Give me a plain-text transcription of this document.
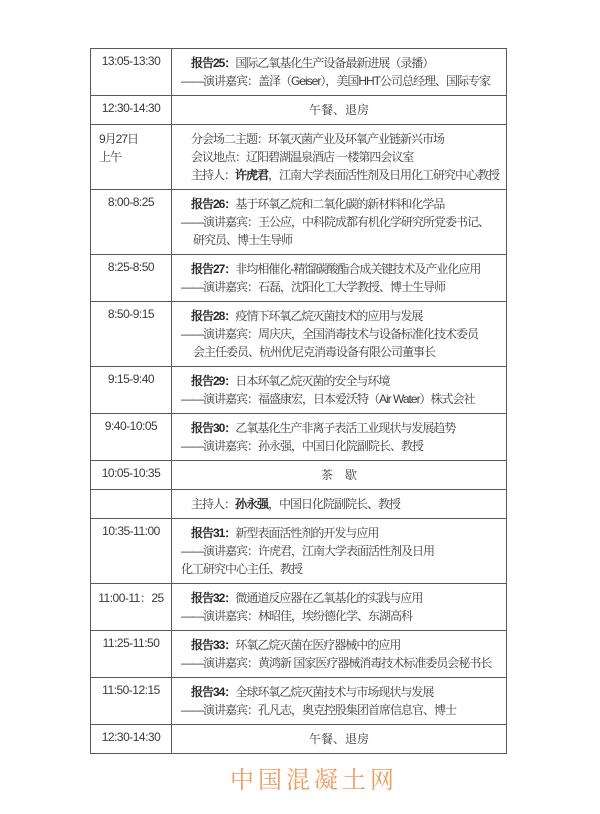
13:05-13:30	报告25：国际乙氧基化生产设备最新进展（录播）
——演讲嘉宾：盖泽（Geiser），美国HHT公司总经理、国际专家

12:30-14:30	午餐、退房

9月27日
上午

分会场二主题：环氧灭菌产业及环氧产业链新兴市场
会议地点：辽阳碧湖温泉酒店 一楼第四会议室
主持人：许虎君，江南大学表面活性剂及日用化工研究中心教授

8:00-8:25	报告26：基于环氧乙烷和二氧化碳的新材料和化学品
——演讲嘉宾：王公应，中科院成都有机化学研究所党委书记、
研究员、博士生导师

8:25-8:50	报告27：非均相催化-精馏碳酸酯合成关键技术及产业化应用
——演讲嘉宾：石磊，沈阳化工大学教授、博士生导师

8:50-9:15	报告28：疫情下环氧乙烷灭菌技术的应用与发展
——演讲嘉宾：周庆庆，全国消毒技术与设备标准化技术委员
会主任委员、杭州优尼克消毒设备有限公司董事长

9:15-9:40	报告29：日本环氧乙烷灭菌的安全与环境
——演讲嘉宾：福盛康宏，日本爱沃特（Air Water）株式会社

9:40-10:05	报告30：乙氧基化生产非离子表活工业现状与发展趋势
——演讲嘉宾：孙永强，中国日化院副院长、教授

10:05-10:35	茶　歇

	主持人：孙永强，中国日化院副院长、教授

10:35-11:00	报告31：新型表面活性剂的开发与应用
——演讲嘉宾：许虎君，江南大学表面活性剂及日用
化工研究中心主任、教授

11:00-11：25	报告32：微通道反应器在乙氧基化的实践与应用
——演讲嘉宾：林昭佳，埃纷德化学、东湖高科

11:25-11:50	报告33：环氧乙烷灭菌在医疗器械中的应用
——演讲嘉宾：黄鸿新 国家医疗器械消毒技术标准委员会秘书长

11:50-12:15	报告34：全球环氧乙烷灭菌技术与市场现状与发展
——演讲嘉宾：孔凡志，奥克控股集团首席信息官、博士

12:30-14:30	午餐、退房
中国混凝土网
